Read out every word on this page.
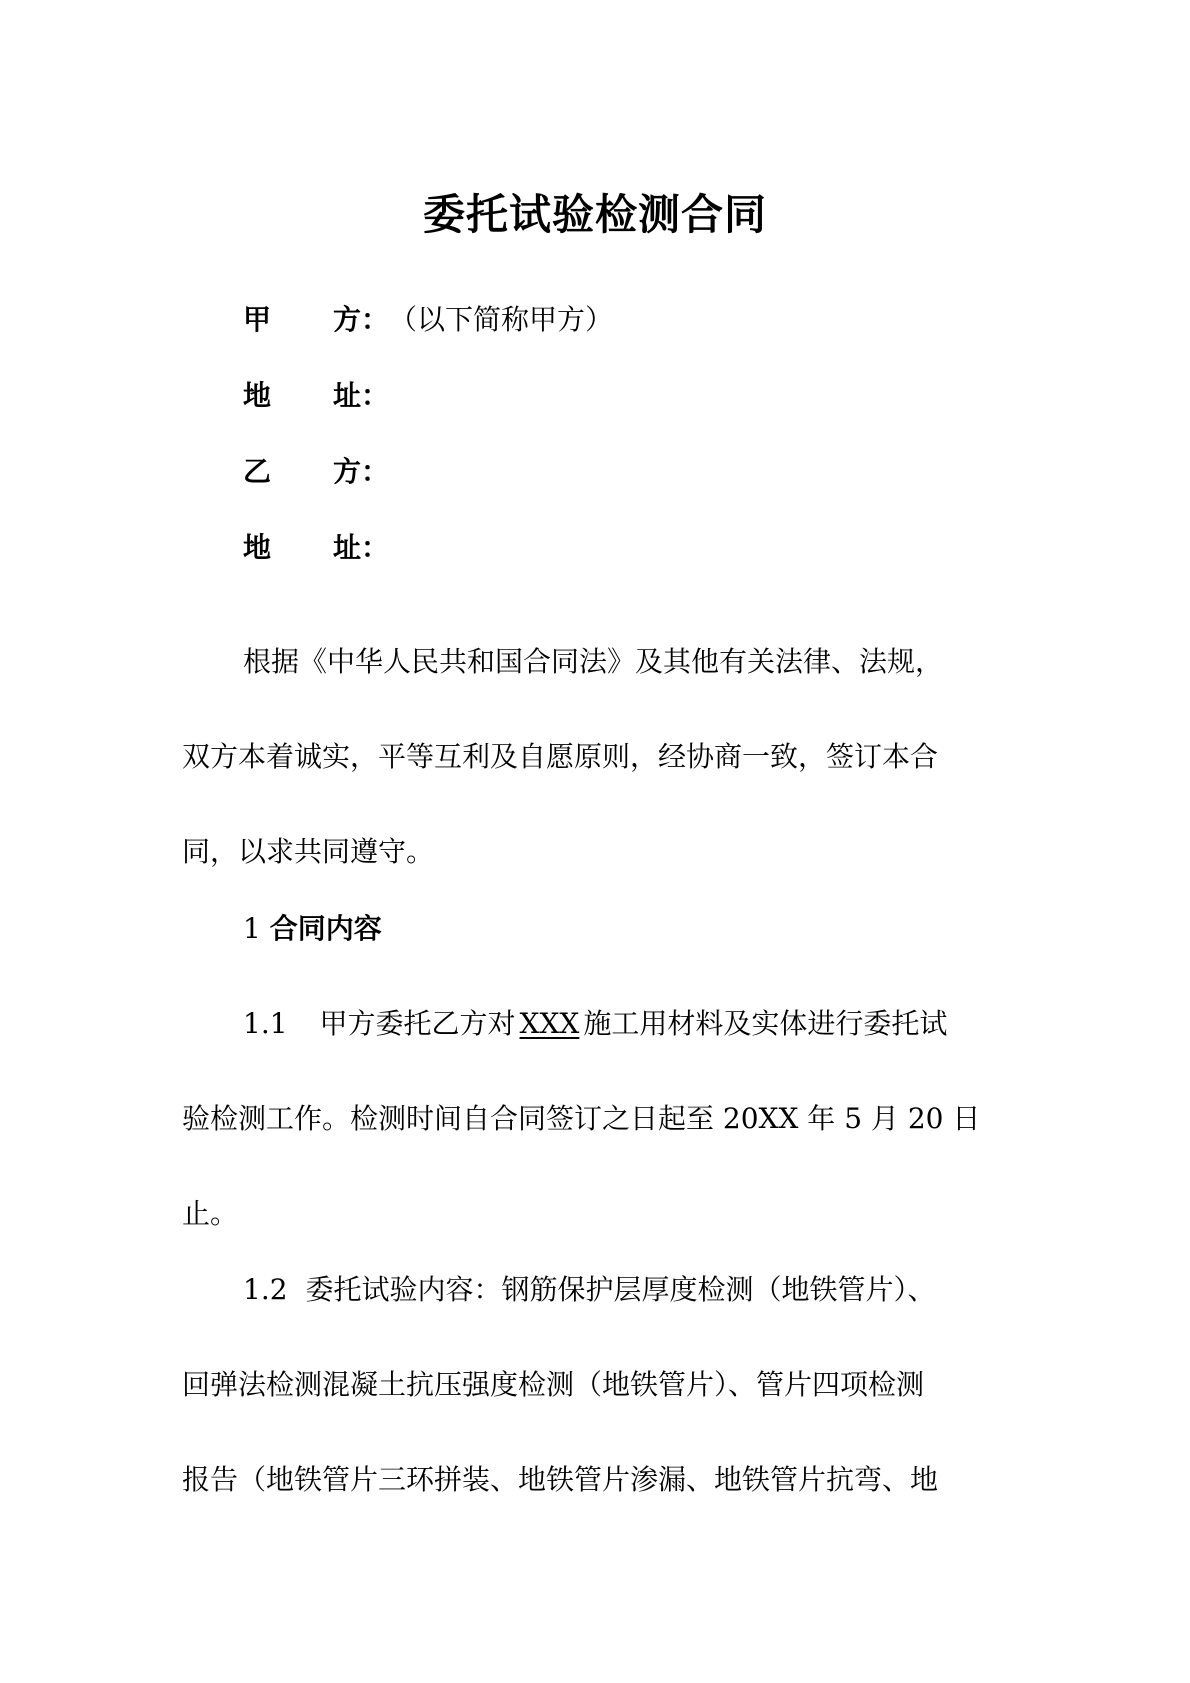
委托试验检测合同
甲 方：（以下简称甲方）
地 址：
乙 方：
地 址：
根据《中华人民共和国合同法》及其他有关法律、法规，
双方本着诚实，平等互利及自愿原则，经协商一致，签订本合
同，以求共同遵守。
1 合同内容
1.1 甲方委托乙方对 XXX 施工用材料及实体进行委托试
验检测工作。检测时间自合同签订之日起至 20XX 年 5 月 20 日
止。
1.2 委托试验内容：钢筋保护层厚度检测（地铁管片）、
回弹法检测混凝土抗压强度检测（地铁管片）、管片四项检测
报告（地铁管片三环拼装、地铁管片渗漏、地铁管片抗弯、地
